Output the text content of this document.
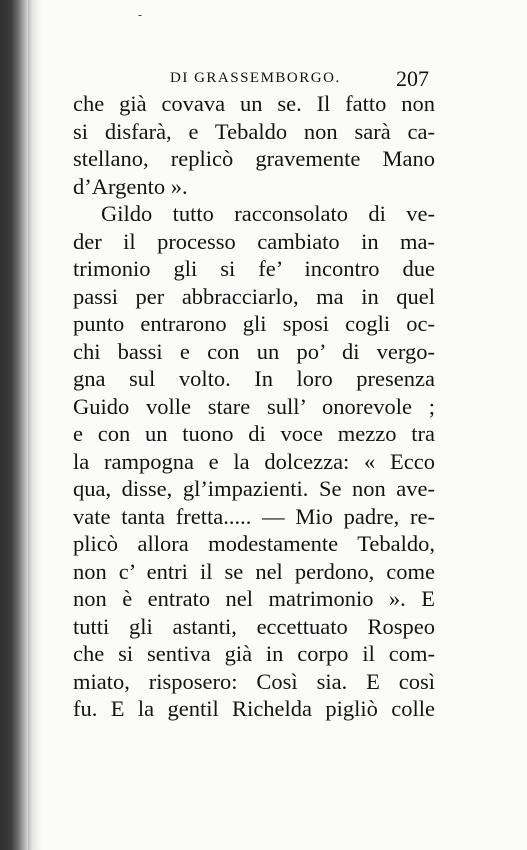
-
DI GRASSEMBORGO.	207
che già covava un se. Il fatto non
si disfarà, e Tebaldo non sarà ca-
stellano, replicò gravemente Mano
d’Argento ».
Gildo tutto racconsolato di ve-
der il processo cambiato in ma-
trimonio gli si fe’ incontro due
passi per abbracciarlo, ma in quel
punto entrarono gli sposi cogli oc-
chi bassi e con un po’ di vergo-
gna sul volto. In loro presenza
Guido volle stare sull’ onorevole ;
e con un tuono di voce mezzo tra
la rampogna e la dolcezza: « Ecco
qua, disse, gl’impazienti. Se non ave-
vate tanta fretta..... — Mio padre, re-
plicò allora modestamente Tebaldo,
non c’ entri il se nel perdono, come
non è entrato nel matrimonio ». E
tutti gli astanti, eccettuato Rospeo
che si sentiva già in corpo il com-
miato, risposero: Così sia. E così
fu. E la gentil Richelda pigliò colle
